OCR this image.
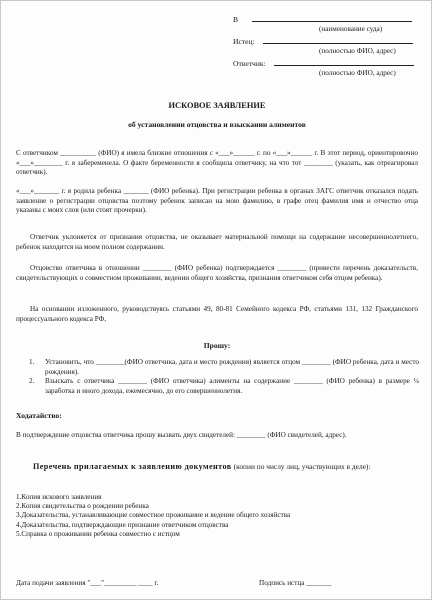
В
(наименование суда)
Истец:
(полностью ФИО, адрес)
Ответчик:
(полностью ФИО, адрес)
ИСКОВОЕ ЗАЯВЛЕНИЕ
об установлении отцовства и взыскании алиментов
С ответчиком __________ (ФИО) я имела близкие отношения с «___»______ г. по «___»______ г. В этот период, ориентировочно «___»________ г. я забеременела. О факте беременности я сообщила ответчику, на что тот ________ (указать, как отреагировал ответчик).
«___»_______ г. я родила ребенка _______ (ФИО ребенка). При регистрации ребенка в органах ЗАГС ответчик отказался подать заявление о регистрации отцовства поэтому ребенок записан на мою фамилию, в графе отец фамилия имя и отчество отца указаны с моих слов (или стоят прочерки).
Ответчик уклоняется от признания отцовства, не оказывает материальной помощи на содержание несовершеннолетнего, ребенок находится на моем полном содержании.
Отцовство ответчика в отношении ________ (ФИО ребенка) подтверждается ________ (привести перечень доказательств, свидетельствующих о совместном проживании, ведении общего хозяйства, признания ответчиком себя отцом ребенка).
На основании изложенного, руководствуясь статьями 49, 80-81 Семейного кодекса РФ, статьями 131, 132 Гражданского процессуального кодекса РФ,
Прошу:
1.	Установить, что ________(ФИО ответчика, дата и место рождения) является отцом ________ (ФИО ребенка, дата и место рождения).
2.	Взыскать с ответчика ________ (ФИО ответчика) алименты на содержание ________ (ФИО ребенка) в размере ¼ заработка и иного дохода, ежемесячно, до его совершеннолетия.
Ходатайство:
В подтверждение отцовства ответчика прошу вызвать двух свидетелей: ________ (ФИО свидетелей, адрес).
Перечень прилагаемых к заявлению документов (копии по числу лиц, участвующих в деле):
1.Копия искового заявления
2.Копия свидетельства о рождении ребенка
3.Доказательства, устанавливающие совместное проживание и ведение общего хозяйства
4.Доказательства, подтверждающие признание ответчиком отцовства
5.Справка о проживании ребенка совместно с истцом
Дата подачи заявления "___"_________ ____ г.	Подпись истца _______
